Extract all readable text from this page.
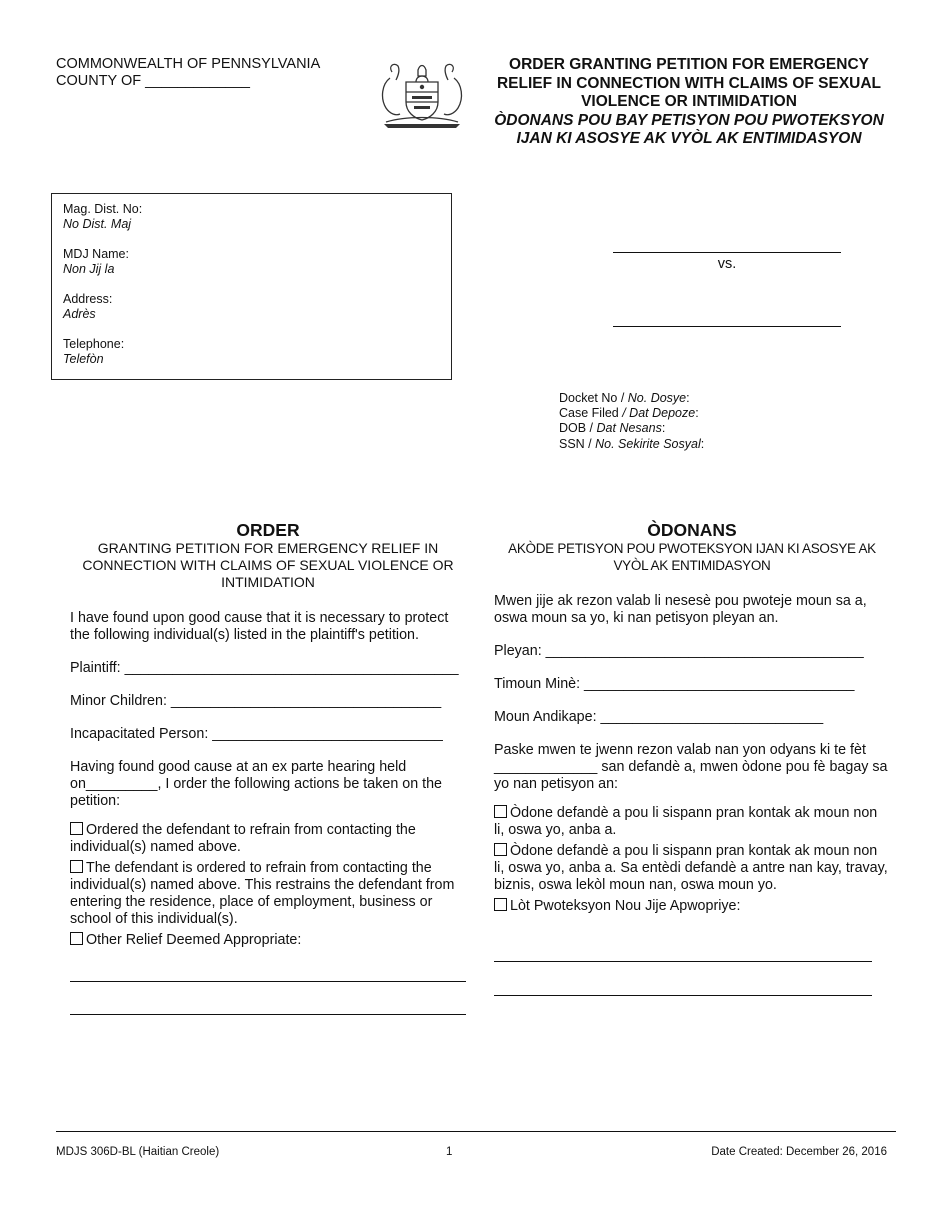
COMMONWEALTH OF PENNSYLVANIA
COUNTY OF _____________
ORDER GRANTING PETITION FOR EMERGENCY RELIEF IN CONNECTION WITH CLAIMS OF SEXUAL VIOLENCE OR INTIMIDATION
ÒDONANS POU BAY PETISYON POU PWOTEKSYON IJAN KI ASOSYE AK VYÒL AK ENTIMIDASYON
Mag. Dist. No:
No Dist. Maj
MDJ Name:
Non Jij la
Address:
Adrès
Telephone:
Telefòn
vs.
Docket No / No. Dosye:
Case Filed / Dat Depoze:
DOB / Dat Nesans:
SSN / No. Sekirite Sosyal:
ORDER
GRANTING PETITION FOR EMERGENCY RELIEF IN CONNECTION WITH CLAIMS OF SEXUAL VIOLENCE OR INTIMIDATION

I have found upon good cause that it is necessary to protect the following individual(s) listed in the plaintiff's petition.

Plaintiff: __________________________________________
Minor Children: __________________________________
Incapacitated Person: _____________________________

Having found good cause at an ex parte hearing held on_________, I order the following actions be taken on the petition:

Ordered the defendant to refrain from contacting the individual(s) named above.
The defendant is ordered to refrain from contacting the individual(s) named above. This restrains the defendant from entering the residence, place of employment, business or school of this individual(s).
Other Relief Deemed Appropriate:
ÒDONANS
AKÒDE PETISYON POU PWOTEKSYON IJAN KI ASOSYE AK VYÒL AK ENTIMIDASYON

Mwen jije ak rezon valab li nesesè pou pwoteje moun sa a, oswa moun sa yo, ki nan petisyon pleyan an.

Pleyan: ________________________________________
Timoun Minè: __________________________________
Moun Andikape: ____________________________

Paske mwen te jwenn rezon valab nan yon odyans ki te fèt _____________ san defandè a, mwen òdone pou fè bagay sa yo nan petisyon an:

Òdone defandè a pou li sispann pran kontak ak moun non li, oswa yo, anba a.
Òdone defandè a pou li sispann pran kontak ak moun non li, oswa yo, anba a. Sa entèdi defandè a antre nan kay, travay, biznis, oswa lekòl moun nan, oswa moun yo.
Lòt Pwoteksyon Nou Jije Apwopriye:
MDJS 306D-BL (Haitian Creole)	1	Date Created: December 26, 2016
